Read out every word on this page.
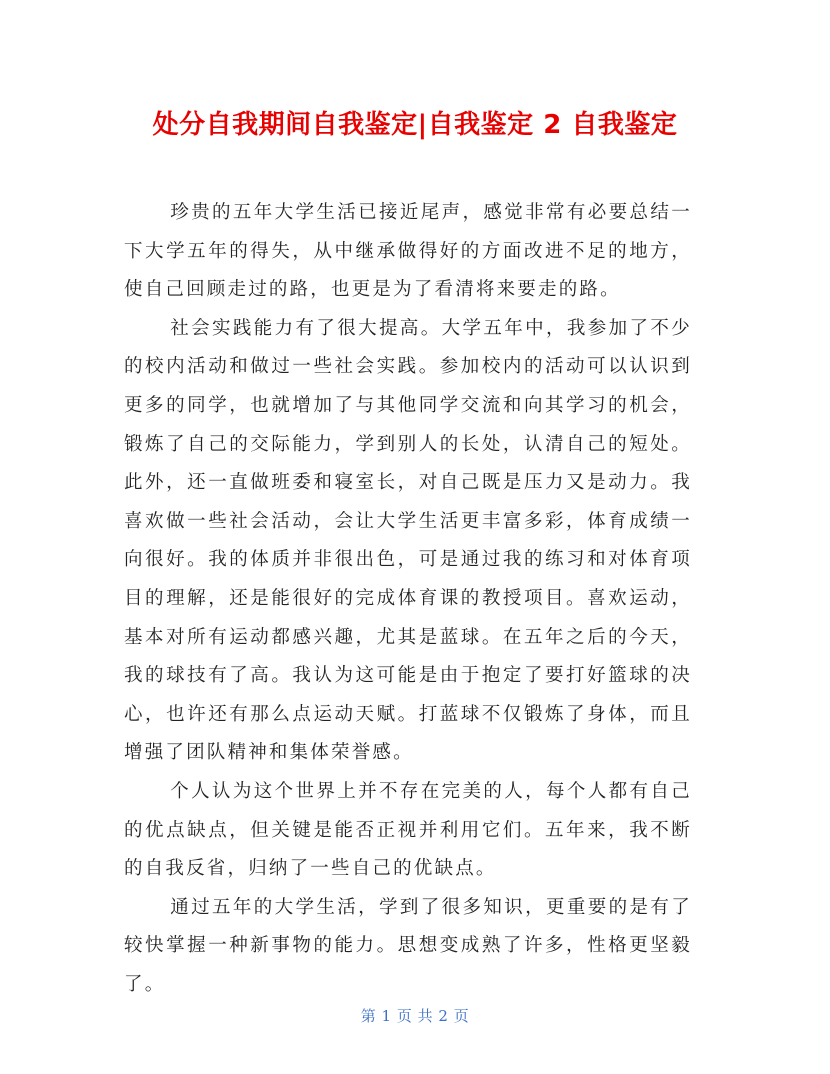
处分自我期间自我鉴定|自我鉴定 2 自我鉴定

珍贵的五年大学生活已接近尾声，感觉非常有必要总结一下大学五年的得失，从中继承做得好的方面改进不足的地方，使自己回顾走过的路，也更是为了看清将来要走的路。

社会实践能力有了很大提高。大学五年中，我参加了不少的校内活动和做过一些社会实践。参加校内的活动可以认识到更多的同学，也就增加了与其他同学交流和向其学习的机会，锻炼了自己的交际能力，学到别人的长处，认清自己的短处。此外，还一直做班委和寝室长，对自己既是压力又是动力。我喜欢做一些社会活动，会让大学生活更丰富多彩，体育成绩一向很好。我的体质并非很出色，可是通过我的练习和对体育项目的理解，还是能很好的完成体育课的教授项目。喜欢运动，基本对所有运动都感兴趣，尤其是蓝球。在五年之后的今天，我的球技有了高。我认为这可能是由于抱定了要打好篮球的决心，也许还有那么点运动天赋。打蓝球不仅锻炼了身体，而且增强了团队精神和集体荣誉感。

个人认为这个世界上并不存在完美的人，每个人都有自己的优点缺点，但关键是能否正视并利用它们。五年来，我不断的自我反省，归纳了一些自己的优缺点。

通过五年的大学生活，学到了很多知识，更重要的是有了较快掌握一种新事物的能力。思想变成熟了许多，性格更坚毅了。

第 1 页 共 2 页
